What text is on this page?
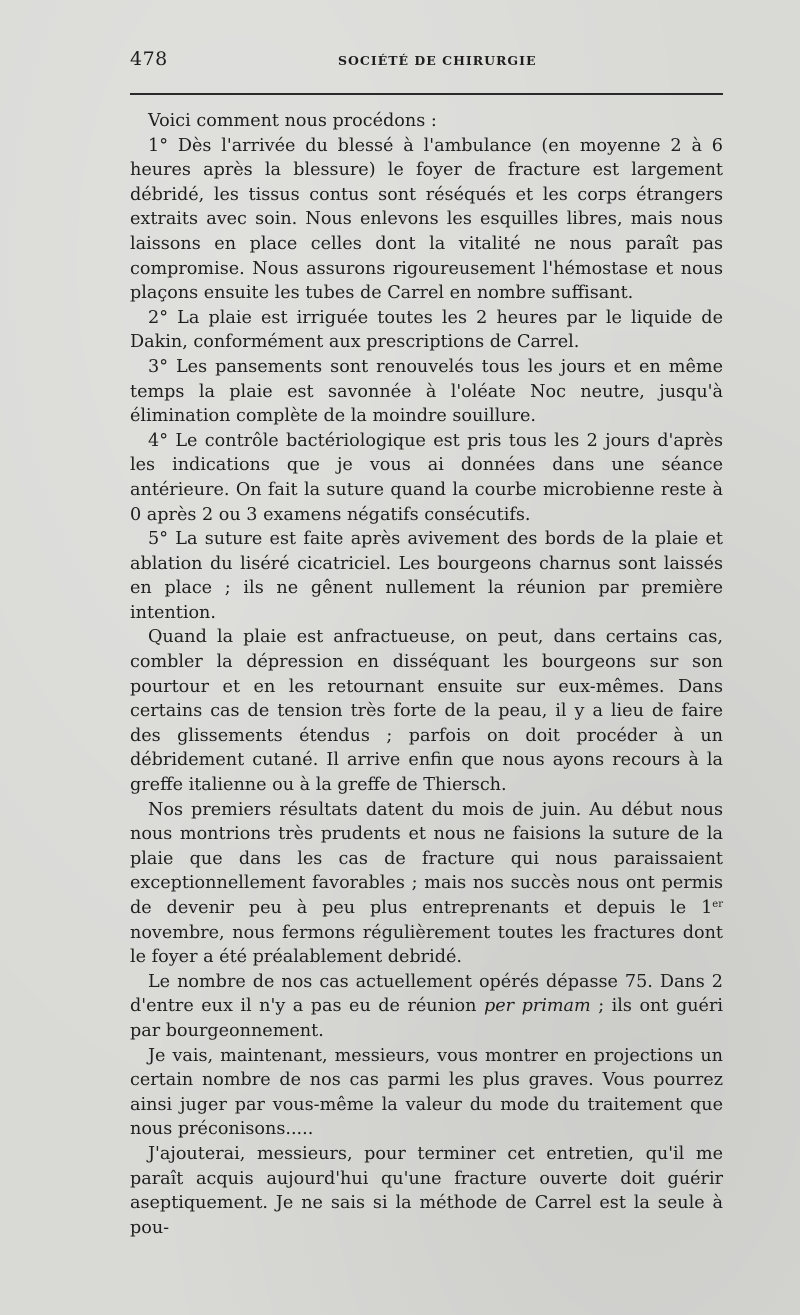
478	SOCIÉTÉ DE CHIRURGIE

Voici comment nous procédons :

1° Dès l'arrivée du blessé à l'ambulance (en moyenne 2 à 6 heures après la blessure) le foyer de fracture est largement débridé, les tissus contus sont réséqués et les corps étrangers extraits avec soin. Nous enlevons les esquilles libres, mais nous laissons en place celles dont la vitalité ne nous paraît pas compromise. Nous assurons rigoureusement l'hémostase et nous plaçons ensuite les tubes de Carrel en nombre suffisant.

2° La plaie est irriguée toutes les 2 heures par le liquide de Dakin, conformément aux prescriptions de Carrel.

3° Les pansements sont renouvelés tous les jours et en même temps la plaie est savonnée à l'oléate Noc neutre, jusqu'à élimination complète de la moindre souillure.

4° Le contrôle bactériologique est pris tous les 2 jours d'après les indications que je vous ai données dans une séance antérieure. On fait la suture quand la courbe microbienne reste à 0 après 2 ou 3 examens négatifs consécutifs.

5° La suture est faite après avivement des bords de la plaie et ablation du liséré cicatriciel. Les bourgeons charnus sont laissés en place ; ils ne gênent nullement la réunion par première intention.

Quand la plaie est anfractueuse, on peut, dans certains cas, combler la dépression en disséquant les bourgeons sur son pourtour et en les retournant ensuite sur eux-mêmes. Dans certains cas de tension très forte de la peau, il y a lieu de faire des glissements étendus ; parfois on doit procéder à un débridement cutané. Il arrive enfin que nous ayons recours à la greffe italienne ou à la greffe de Thiersch.

Nos premiers résultats datent du mois de juin. Au début nous nous montrions très prudents et nous ne faisions la suture de la plaie que dans les cas de fracture qui nous paraissaient exceptionnellement favorables ; mais nos succès nous ont permis de devenir peu à peu plus entreprenants et depuis le 1er novembre, nous fermons régulièrement toutes les fractures dont le foyer a été préalablement debridé.

Le nombre de nos cas actuellement opérés dépasse 75. Dans 2 d'entre eux il n'y a pas eu de réunion per primam ; ils ont guéri par bourgeonnement.

Je vais, maintenant, messieurs, vous montrer en projections un certain nombre de nos cas parmi les plus graves. Vous pourrez ainsi juger par vous-même la valeur du mode du traitement que nous préconisons.....

J'ajouterai, messieurs, pour terminer cet entretien, qu'il me paraît acquis aujourd'hui qu'une fracture ouverte doit guérir aseptiquement. Je ne sais si la méthode de Carrel est la seule à pou-
